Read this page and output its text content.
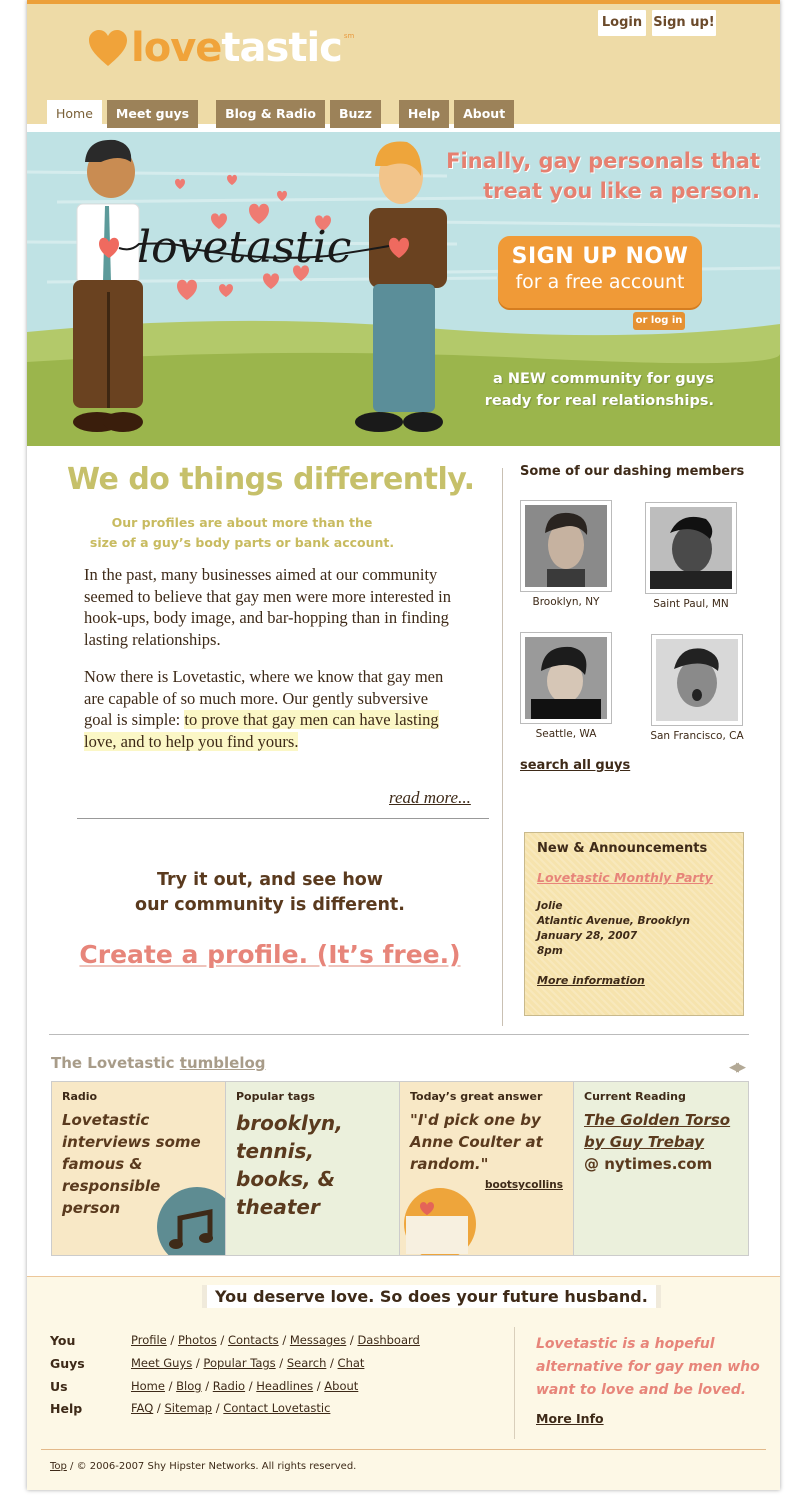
lovetastic sm
Login Sign up!
Home	Meet guys	Blog & Radio	Buzz	Help	About
lovetastic
Finally, gay personals that
treat you like a person.
SIGN UP NOW
for a free account
or log in
a NEW community for guys
ready for real relationships.
We do things differently.
Our profiles are about more than the
size of a guy’s body parts or bank account.

In the past, many businesses aimed at our community seemed to believe that gay men were more interested in hook-ups, body image, and bar-hopping than in finding lasting relationships.

Now there is Lovetastic, where we know that gay men are capable of so much more. Our gently subversive goal is simple: to prove that gay men can have lasting love, and to help you find yours.

read more...
Some of our dashing members
Brooklyn, NY	Saint Paul, MN
Seattle, WA	San Francisco, CA
search all guys
Try it out, and see how
our community is different.
Create a profile. (It’s free.)
New & Announcements
Lovetastic Monthly Party
Jolie
Atlantic Avenue, Brooklyn
January 28, 2007
8pm
More information
The Lovetastic tumblelog	◀▶
Radio
Lovetastic interviews some famous & responsible person
Popular tags
brooklyn, tennis, books, & theater
Today’s great answer
"I'd pick one by Anne Coulter at random."
bootsycollins
Current Reading
The Golden Torso by Guy Trebay
@ nytimes.com
You deserve love. So does your future husband.
You	Profile / Photos / Contacts / Messages / Dashboard
Guys	Meet Guys / Popular Tags / Search / Chat
Us	Home / Blog / Radio / Headlines / About
Help	FAQ / Sitemap / Contact Lovetastic
Lovetastic is a hopeful alternative for gay men who want to love and be loved.
More Info
Top / © 2006-2007 Shy Hipster Networks. All rights reserved.
